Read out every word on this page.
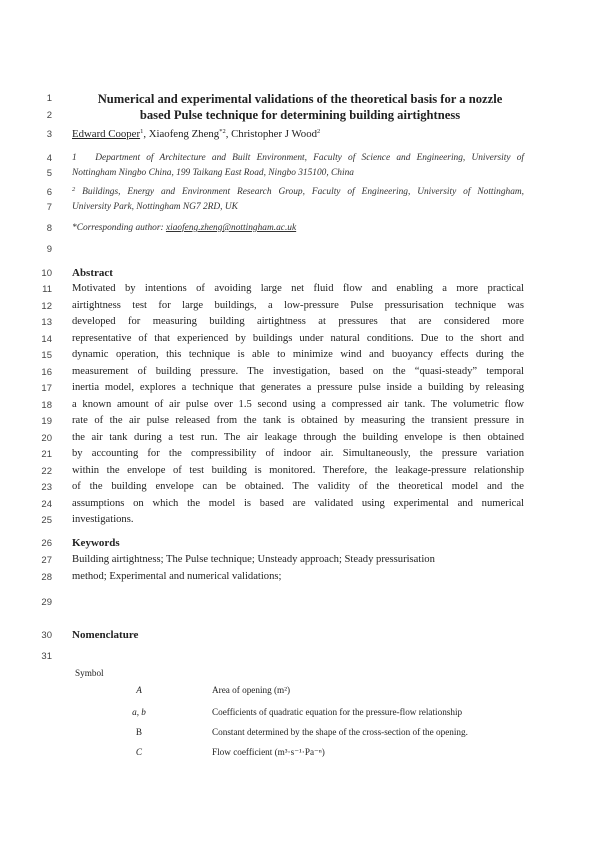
1
2
3
4
5
6
7
8
9
10
11
12
13
14
15
16
17
18
19
20
21
22
23
24
25
26
27
28
29
30
31
Numerical and experimental validations of the theoretical basis for a nozzle
based Pulse technique for determining building airtightness
Edward Cooper$^1$, Xiaofeng Zheng$^{*2}$, Christopher J Wood$^2$
1 Department of Architecture and Built Environment, Faculty of Science and Engineering, University of
Nottingham Ningbo China, 199 Taikang East Road, Ningbo 315100, China
$^2$ Buildings, Energy and Environment Research Group, Faculty of Engineering, University of Nottingham,
University Park, Nottingham NG7 2RD, UK
*Corresponding author: xiaofeng.zheng@nottingham.ac.uk
Abstract
Motivated by intentions of avoiding large net fluid flow and enabling a more practical
airtightness test for large buildings, a low-pressure Pulse pressurisation technique was
developed for measuring building airtightness at pressures that are considered more
representative of that experienced by buildings under natural conditions. Due to the short and
dynamic operation, this technique is able to minimize wind and buoyancy effects during the
measurement of building pressure. The investigation, based on the “quasi-steady” temporal
inertia model, explores a technique that generates a pressure pulse inside a building by releasing
a known amount of air pulse over 1.5 second using a compressed air tank. The volumetric flow
rate of the air pulse released from the tank is obtained by measuring the transient pressure in
the air tank during a test run. The air leakage through the building envelope is then obtained
by accounting for the compressibility of indoor air. Simultaneously, the pressure variation
within the envelope of test building is monitored. Therefore, the leakage-pressure relationship
of the building envelope can be obtained. The validity of the theoretical model and the
assumptions on which the model is based are validated using experimental and numerical
investigations.
Keywords
Building airtightness; The Pulse technique; Unsteady approach; Steady pressurisation
method; Experimental and numerical validations;
Nomenclature
Symbol
A	Area of opening (m²)
a, b	Coefficients of quadratic equation for the pressure-flow relationship
B	Constant determined by the shape of the cross-section of the opening.
C	Flow coefficient (m³·s⁻¹·Pa⁻ⁿ)
